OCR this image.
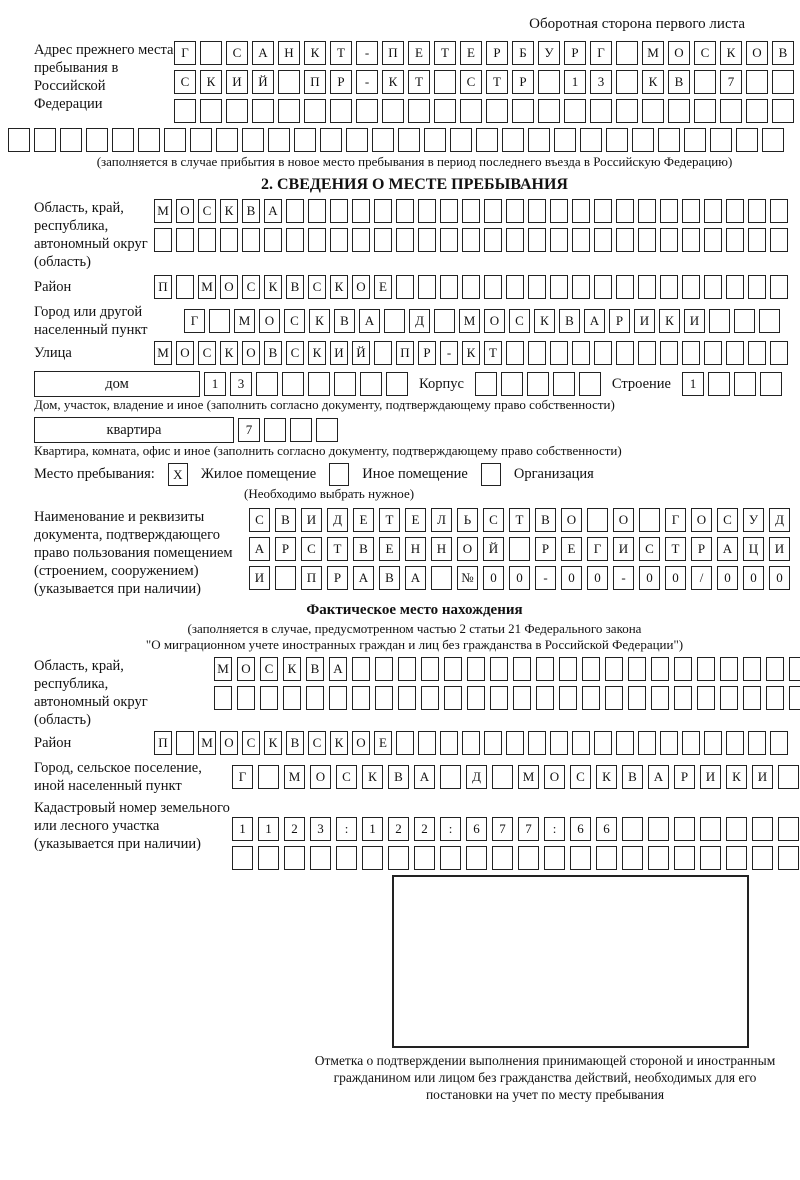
Оборотная сторона первого листа
Адрес прежнего места пребывания в Российской Федерации
Г	С	А	Н	К	Т	-	П	Е	Т	Е	Р	Б	У	Р	Г	М	О	С	К	О	В
С	К	И	Й	П	Р	-	К	Т	С	Т	Р	1	3	К	В	7
(заполняется в случае прибытия в новое место пребывания в период последнего въезда в Российскую Федерацию)
2. СВЕДЕНИЯ О МЕСТЕ ПРЕБЫВАНИЯ
Область, край, республика, автономный округ (область)
М О С	К	В А
Район	П	М О С	К	В	С	К О	Е
Город или другой населенный пункт
Г	М	О	С	К	В	А	Д	М	О	С	К	В	А	Р	И	К	И
Улица	М О С	К О В	С	К И Й	П	Р	-	К	Т
дом	1	3	Корпус	Строение	1
Дом, участок, владение и иное (заполнить согласно документу, подтверждающему право собственности)
квартира	7
Квартира, комната, офис и иное (заполнить согласно документу, подтверждающему право собственности)
Место пребывания:	X	Жилое помещение	Иное помещение	Организация
(Необходимо выбрать нужное)
Наименование и реквизиты документа, подтверждающего право пользования помещением (строением, сооружением) (указывается при наличии)
С	В	И	Д	Е	Т	Е	Л	Ь	С	Т	В	О	О	Г	О	С	У	Д
А	Р	С	Т	В	Е	Н	Н	О	Й	Р	Е	Г	И	С	Т	Р	А	Ц	И
И	П	Р	А	В	А	№	0	0	-	0	0	-	0	0	/	0	0	0
Фактическое место нахождения
(заполняется в случае, предусмотренном частью 2 статьи 21 Федерального закона
"О миграционном учете иностранных граждан и лиц без гражданства в Российской Федерации")
Область, край, республика, автономный округ (область)
М О	С	К	В	А
Район	П	М О С	К	В	С	К О	Е
Город, сельское поселение, иной населенный пункт
Г	М	О	С	К	В	А	Д	М	О	С	К	В	А	Р	И	К	И
Кадастровый номер земельного или лесного участка (указывается при наличии)
1	1	2	3	:	1	2	2	:	6	7	7	:	6	6
Отметка о подтверждении выполнения принимающей стороной и иностранным гражданином или лицом без гражданства действий, необходимых для его постановки на учет по месту пребывания
